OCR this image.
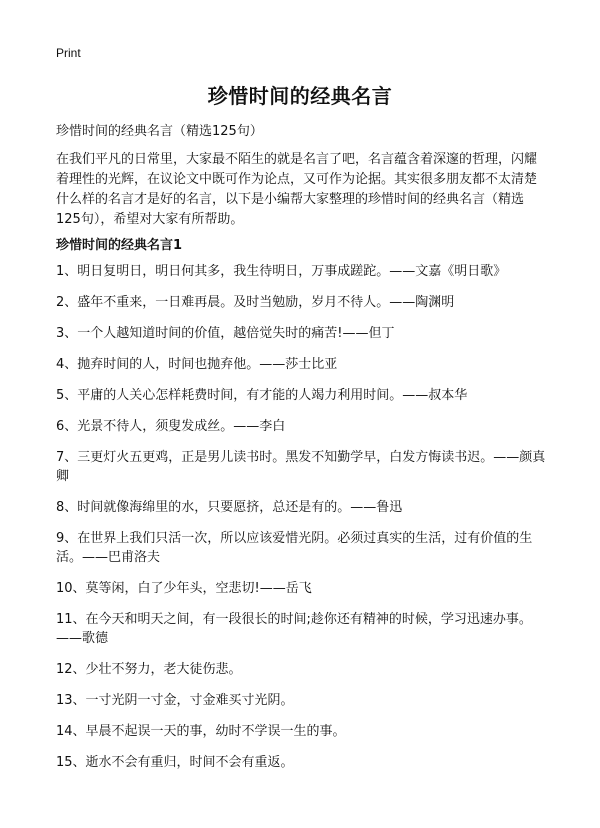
Print
珍惜时间的经典名言
珍惜时间的经典名言（精选125句）
在我们平凡的日常里，大家最不陌生的就是名言了吧，名言蕴含着深邃的哲理，闪耀着理性的光辉，在议论文中既可作为论点，又可作为论据。其实很多朋友都不太清楚什么样的名言才是好的名言，以下是小编帮大家整理的珍惜时间的经典名言（精选125句），希望对大家有所帮助。
珍惜时间的经典名言1
1、明日复明日，明日何其多，我生待明日，万事成蹉跎。——文嘉《明日歌》
2、盛年不重来，一日难再晨。及时当勉励，岁月不待人。——陶渊明
3、一个人越知道时间的价值，越倍觉失时的痛苦!——但丁
4、抛弃时间的人，时间也抛弃他。——莎士比亚
5、平庸的人关心怎样耗费时间，有才能的人竭力利用时间。——叔本华
6、光景不待人，须叟发成丝。——李白
7、三更灯火五更鸡，正是男儿读书时。黑发不知勤学早，白发方悔读书迟。——颜真卿
8、时间就像海绵里的水，只要愿挤，总还是有的。——鲁迅
9、在世界上我们只活一次，所以应该爱惜光阴。必须过真实的生活，过有价值的生活。——巴甫洛夫
10、莫等闲，白了少年头，空悲切!——岳飞
11、在今天和明天之间，有一段很长的时间;趁你还有精神的时候，学习迅速办事。——歌德
12、少壮不努力，老大徒伤悲。
13、一寸光阴一寸金，寸金难买寸光阴。
14、早晨不起误一天的事，幼时不学误一生的事。
15、逝水不会有重归，时间不会有重返。
